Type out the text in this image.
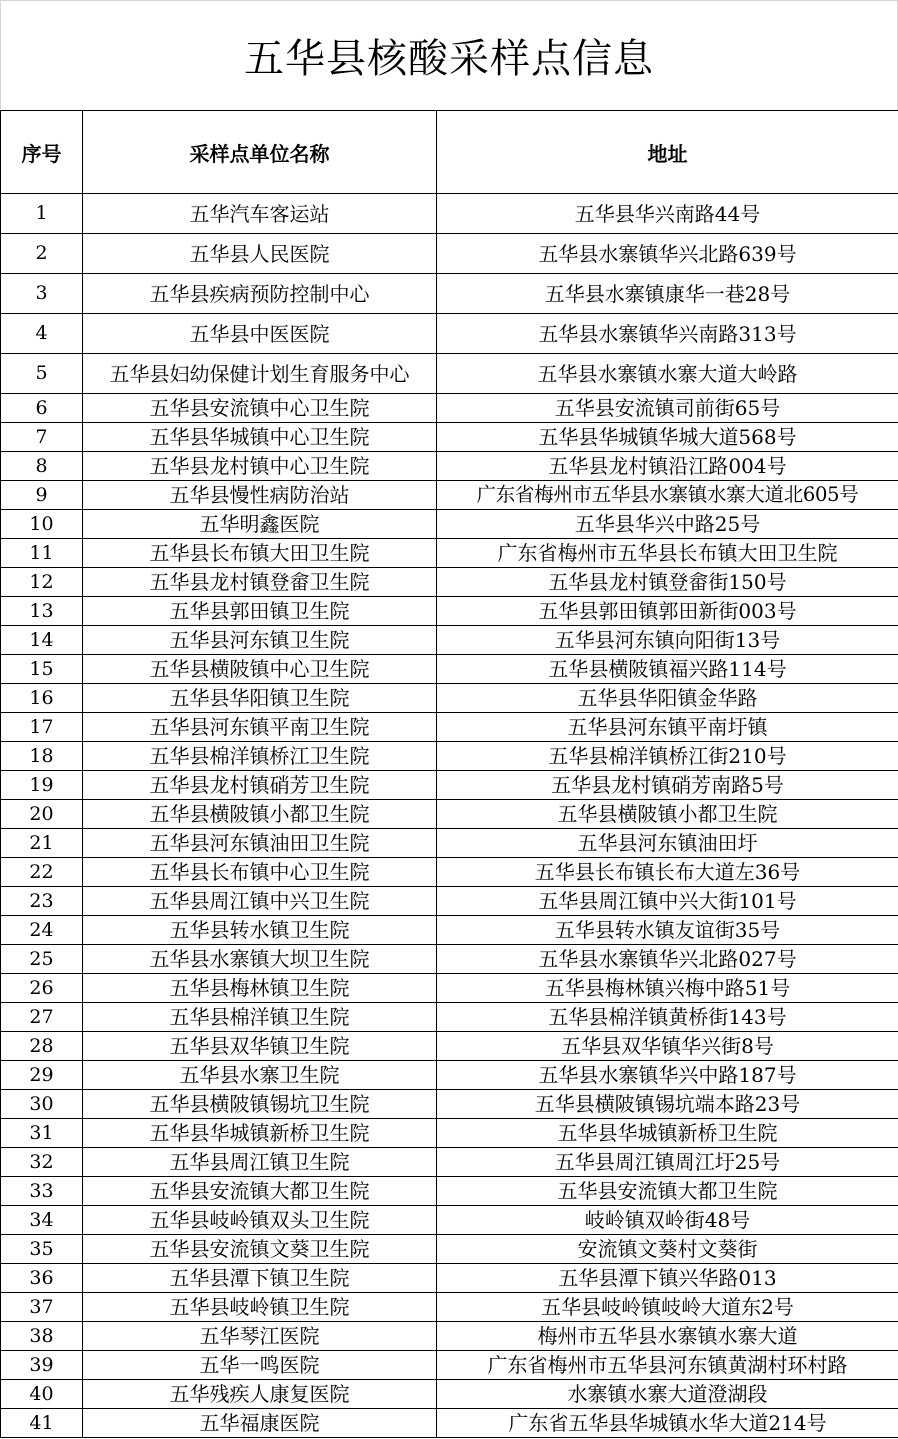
五华县核酸采样点信息
序号	采样点单位名称	地址
1	五华汽车客运站	五华县华兴南路44号
2	五华县人民医院	五华县水寨镇华兴北路639号
3	五华县疾病预防控制中心	五华县水寨镇康华一巷28号
4	五华县中医医院	五华县水寨镇华兴南路313号
5	五华县妇幼保健计划生育服务中心	五华县水寨镇水寨大道大岭路
6	五华县安流镇中心卫生院	五华县安流镇司前街65号
7	五华县华城镇中心卫生院	五华县华城镇华城大道568号
8	五华县龙村镇中心卫生院	五华县龙村镇沿江路004号
9	五华县慢性病防治站	广东省梅州市五华县水寨镇水寨大道北605号
10	五华明鑫医院	五华县华兴中路25号
11	五华县长布镇大田卫生院	广东省梅州市五华县长布镇大田卫生院
12	五华县龙村镇登畲卫生院	五华县龙村镇登畲街150号
13	五华县郭田镇卫生院	五华县郭田镇郭田新街003号
14	五华县河东镇卫生院	五华县河东镇向阳街13号
15	五华县横陂镇中心卫生院	五华县横陂镇福兴路114号
16	五华县华阳镇卫生院	五华县华阳镇金华路
17	五华县河东镇平南卫生院	五华县河东镇平南圩镇
18	五华县棉洋镇桥江卫生院	五华县棉洋镇桥江街210号
19	五华县龙村镇硝芳卫生院	五华县龙村镇硝芳南路5号
20	五华县横陂镇小都卫生院	五华县横陂镇小都卫生院
21	五华县河东镇油田卫生院	五华县河东镇油田圩
22	五华县长布镇中心卫生院	五华县长布镇长布大道左36号
23	五华县周江镇中兴卫生院	五华县周江镇中兴大街101号
24	五华县转水镇卫生院	五华县转水镇友谊街35号
25	五华县水寨镇大坝卫生院	五华县水寨镇华兴北路027号
26	五华县梅林镇卫生院	五华县梅林镇兴梅中路51号
27	五华县棉洋镇卫生院	五华县棉洋镇黄桥街143号
28	五华县双华镇卫生院	五华县双华镇华兴街8号
29	五华县水寨卫生院	五华县水寨镇华兴中路187号
30	五华县横陂镇锡坑卫生院	五华县横陂镇锡坑端本路23号
31	五华县华城镇新桥卫生院	五华县华城镇新桥卫生院
32	五华县周江镇卫生院	五华县周江镇周江圩25号
33	五华县安流镇大都卫生院	五华县安流镇大都卫生院
34	五华县岐岭镇双头卫生院	岐岭镇双岭街48号
35	五华县安流镇文葵卫生院	安流镇文葵村文葵街
36	五华县潭下镇卫生院	五华县潭下镇兴华路013
37	五华县岐岭镇卫生院	五华县岐岭镇岐岭大道东2号
38	五华琴江医院	梅州市五华县水寨镇水寨大道
39	五华一鸣医院	广东省梅州市五华县河东镇黄湖村环村路
40	五华残疾人康复医院	水寨镇水寨大道澄湖段
41	五华福康医院	广东省五华县华城镇水华大道214号
